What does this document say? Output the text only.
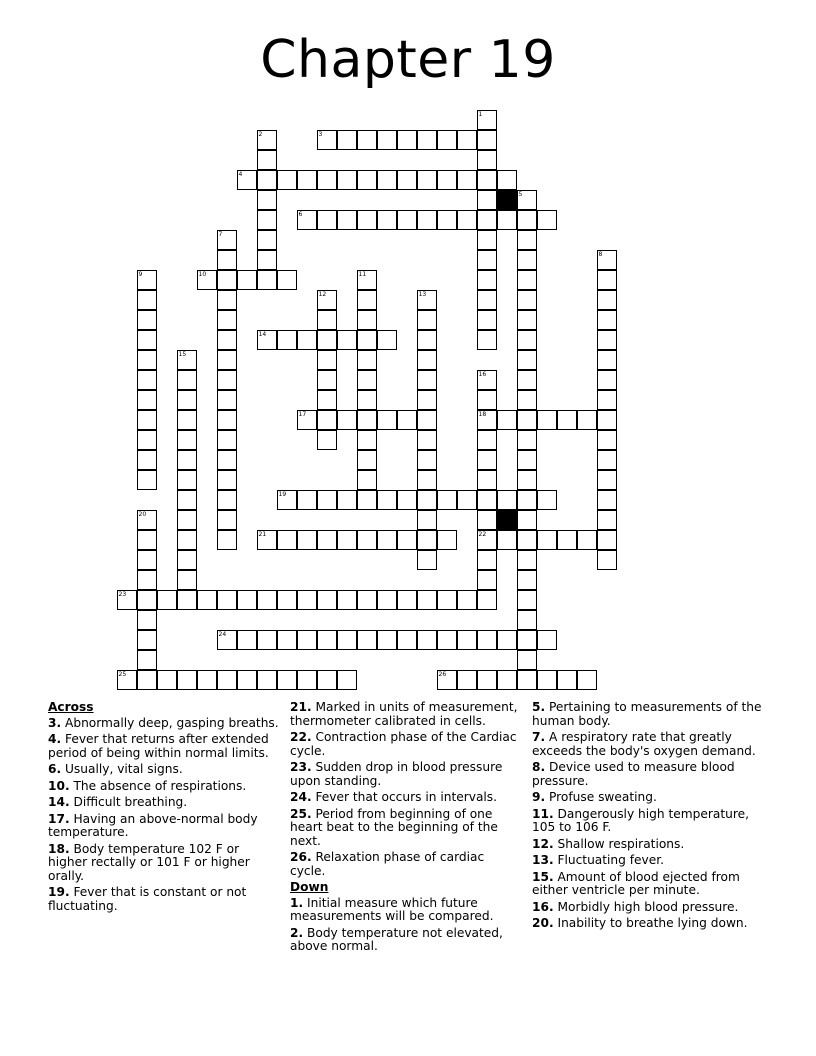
Chapter 19
1
2	3
4
5
6
7
8
9	10	11
12	13
14
15
16
18
22
17
19
20
21
23
24
25	26
Across
3. Abnormally deep, gasping breaths.
4. Fever that returns after extended period of being within normal limits.
6. Usually, vital signs.
10. The absence of respirations.
14. Difficult breathing.
17. Having an above-normal body temperature.
18. Body temperature 102 F or higher rectally or 101 F or higher orally.
19. Fever that is constant or not fluctuating.
21. Marked in units of measurement, thermometer calibrated in cells.
22. Contraction phase of the Cardiac cycle.
23. Sudden drop in blood pressure upon standing.
24. Fever that occurs in intervals.
25. Period from beginning of one heart beat to the beginning of the next.
26. Relaxation phase of cardiac cycle.
Down
1. Initial measure which future measurements will be compared.
2. Body temperature not elevated, above normal.
5. Pertaining to measurements of the human body.
7. A respiratory rate that greatly exceeds the body's oxygen demand.
8. Device used to measure blood pressure.
9. Profuse sweating.
11. Dangerously high temperature, 105 to 106 F.
12. Shallow respirations.
13. Fluctuating fever.
15. Amount of blood ejected from either ventricle per minute.
16. Morbidly high blood pressure.
20. Inability to breathe lying down.
